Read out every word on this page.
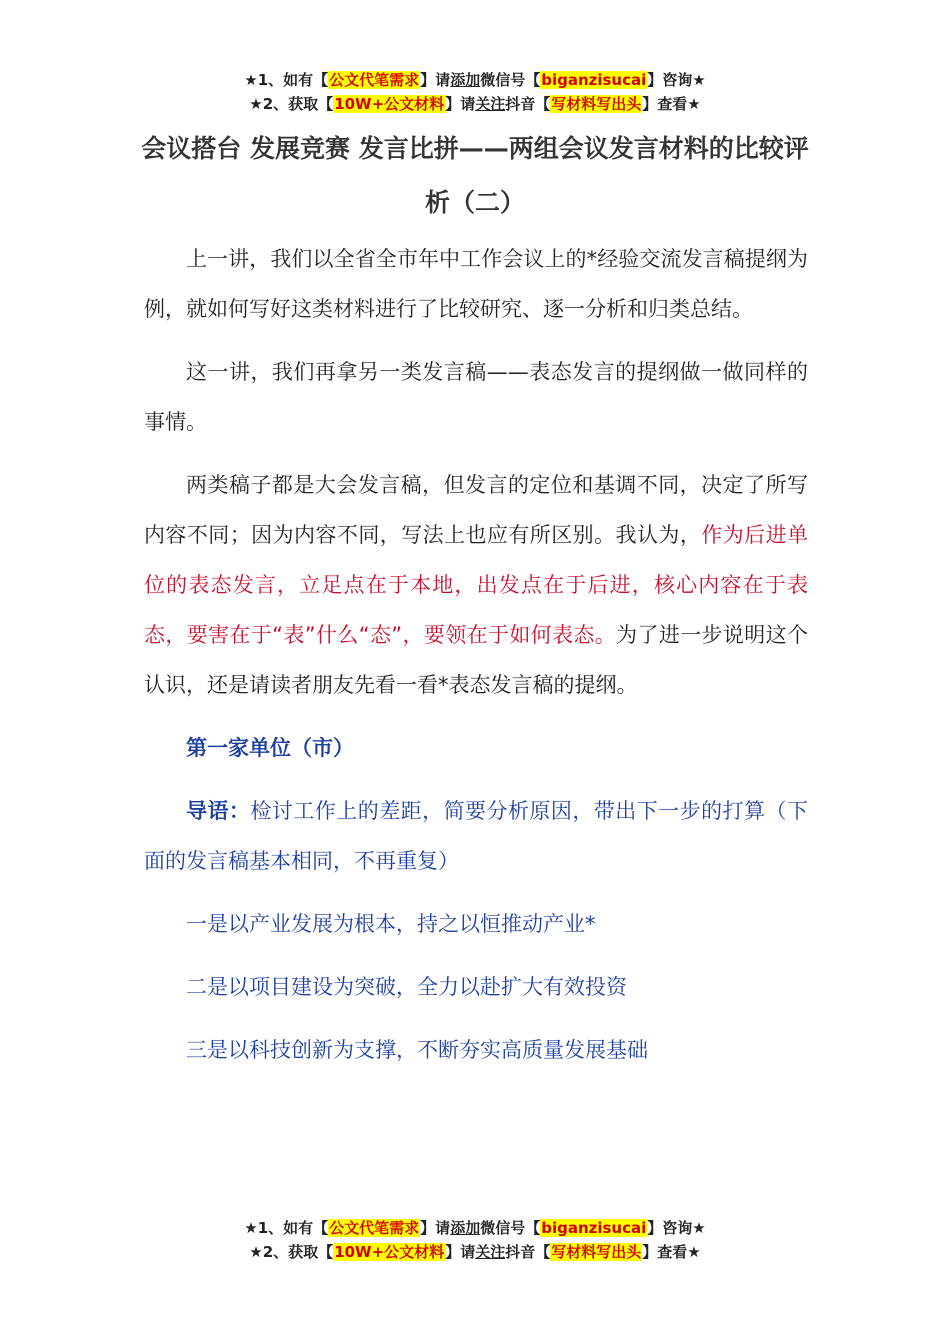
★1、如有【公文代笔需求】请添加微信号【biganzisucai】咨询★
★2、获取【10W+公文材料】请关注抖音【写材料写出头】查看★
会议搭台 发展竞赛 发言比拼——两组会议发言材料的比较评析（二）

上一讲，我们以全省全市年中工作会议上的*经验交流发言稿提纲为例，就如何写好这类材料进行了比较研究、逐一分析和归类总结。

这一讲，我们再拿另一类发言稿——表态发言的提纲做一做同样的事情。

两类稿子都是大会发言稿，但发言的定位和基调不同，决定了所写内容不同；因为内容不同，写法上也应有所区别。我认为，作为后进单位的表态发言，立足点在于本地，出发点在于后进，核心内容在于表态，要害在于“表”什么“态”，要领在于如何表态。为了进一步说明这个认识，还是请读者朋友先看一看*表态发言稿的提纲。

第一家单位（市）

导语：检讨工作上的差距，简要分析原因，带出下一步的打算（下面的发言稿基本相同，不再重复）

一是以产业发展为根本，持之以恒推动产业*

二是以项目建设为突破，全力以赴扩大有效投资

三是以科技创新为支撑，不断夯实高质量发展基础

★1、如有【公文代笔需求】请添加微信号【biganzisucai】咨询★
★2、获取【10W+公文材料】请关注抖音【写材料写出头】查看★
